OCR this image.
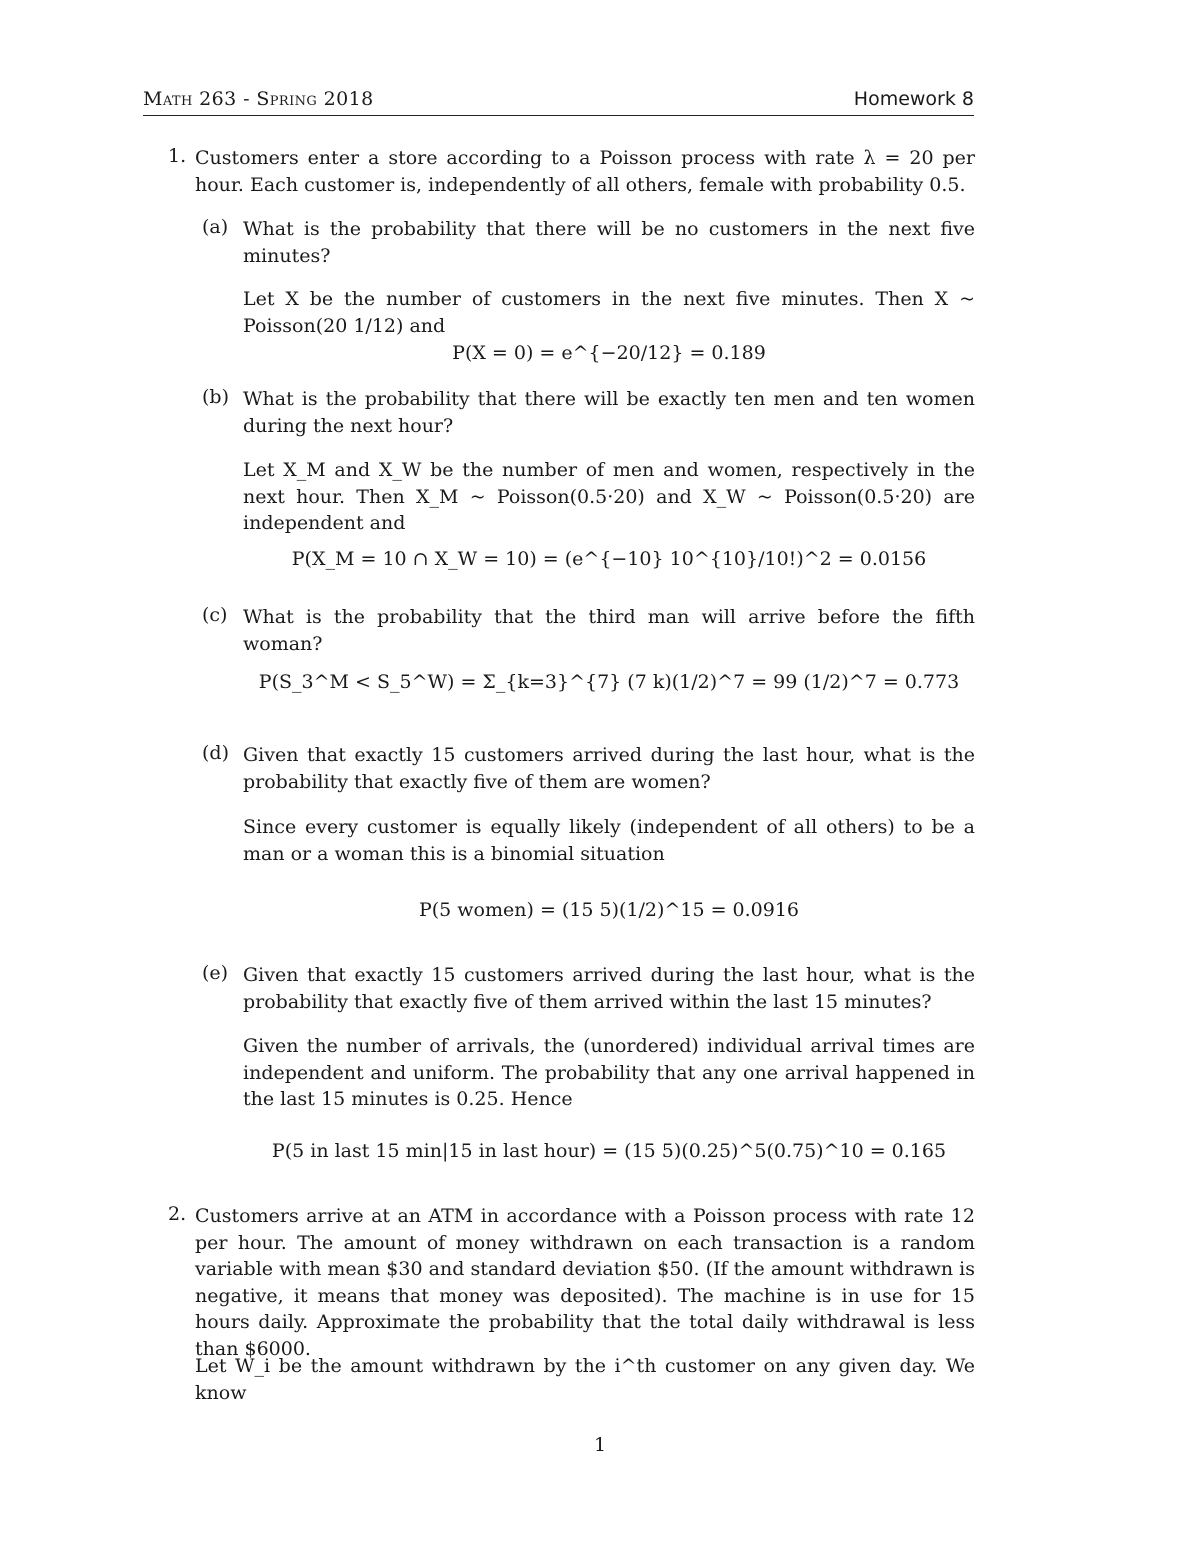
Math 263 - Spring 2018	Homework 8
1. Customers enter a store according to a Poisson process with rate λ = 20 per hour. Each customer is, independently of all others, female with probability 0.5.
(a) What is the probability that there will be no customers in the next five minutes?
Let X be the number of customers in the next five minutes. Then X ~ Poisson(20 1/12) and
P(X = 0) = e^{−20/12} = 0.189
(b) What is the probability that there will be exactly ten men and ten women during the next hour?
Let X_M and X_W be the number of men and women, respectively in the next hour. Then X_M ~ Poisson(0.5·20) and X_W ~ Poisson(0.5·20) are independent and
P(X_M = 10 ∩ X_W = 10) = (e^{−10} 10^{10}/10!)^2 = 0.0156
(c) What is the probability that the third man will arrive before the fifth woman?
P(S_3^M < S_5^W) = Σ_{k=3}^{7} (7 k)(1/2)^7 = 99 (1/2)^7 = 0.773
(d) Given that exactly 15 customers arrived during the last hour, what is the probability that exactly five of them are women?
Since every customer is equally likely (independent of all others) to be a man or a woman this is a binomial situation
P(5 women) = (15 5)(1/2)^15 = 0.0916
(e) Given that exactly 15 customers arrived during the last hour, what is the probability that exactly five of them arrived within the last 15 minutes?
Given the number of arrivals, the (unordered) individual arrival times are independent and uniform. The probability that any one arrival happened in the last 15 minutes is 0.25. Hence
P(5 in last 15 min|15 in last hour) = (15 5)(0.25)^5(0.75)^10 = 0.165
2. Customers arrive at an ATM in accordance with a Poisson process with rate 12 per hour. The amount of money withdrawn on each transaction is a random variable with mean $30 and standard deviation $50. (If the amount withdrawn is negative, it means that money was deposited). The machine is in use for 15 hours daily. Approximate the probability that the total daily withdrawal is less than $6000.
Let W_i be the amount withdrawn by the i^th customer on any given day. We know
1
